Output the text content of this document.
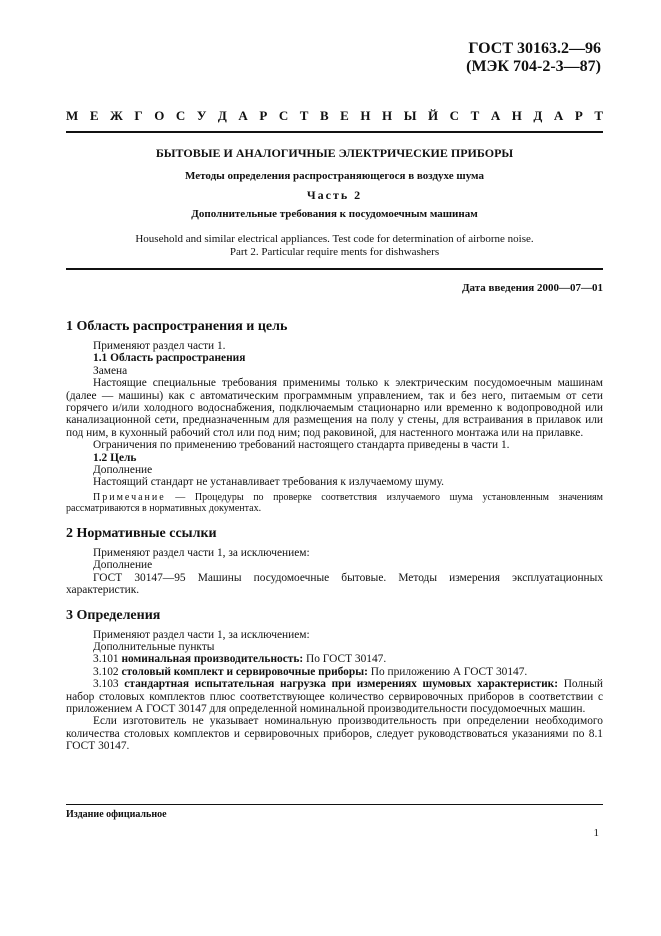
ГОСТ 30163.2—96
(МЭК 704-2-3—87)
М Е Ж Г О С У Д А Р С Т В Е Н Н Ы Й С Т А Н Д А Р Т
БЫТОВЫЕ И АНАЛОГИЧНЫЕ ЭЛЕКТРИЧЕСКИЕ ПРИБОРЫ
Методы определения распространяющегося в воздухе шума
Часть 2
Дополнительные требования к посудомоечным машинам
Household and similar electrical appliances. Test code for determination of airborne noise.
Part 2. Particular require ments for dishwashers
Дата введения 2000—07—01
1 Область распространения и цель

Применяют раздел части 1.

1.1 Область распространения

Замена

Настоящие специальные требования применимы только к электрическим посудомоечным машинам (далее — машины) как с автоматическим программным управлением, так и без него, питаемым от сети горячего и/или холодного водоснабжения, подключаемым стационарно или временно к водопроводной или канализационной сети, предназначенным для размещения на полу у стены, для встраивания в прилавок или под ним, в кухонный рабочий стол или под ним; под раковиной, для настенного монтажа или на прилавке.

Ограничения по применению требований настоящего стандарта приведены в части 1.

1.2 Цель

Дополнение

Настоящий стандарт не устанавливает требования к излучаемому шуму.

Примечание — Процедуры по проверке соответствия излучаемого шума установленным значениям рассматриваются в нормативных документах.

2 Нормативные ссылки

Применяют раздел части 1, за исключением:

Дополнение

ГОСТ 30147—95 Машины посудомоечные бытовые. Методы измерения эксплуатационных характеристик.

3 Определения

Применяют раздел части 1, за исключением:

Дополнительные пункты

3.101 номинальная производительность: По ГОСТ 30147.

3.102 столовый комплект и сервировочные приборы: По приложению А ГОСТ 30147.

3.103 стандартная испытательная нагрузка при измерениях шумовых характеристик: Полный набор столовых комплектов плюс соответствующее количество сервировочных приборов в соответствии с приложением А ГОСТ 30147 для определенной номинальной производительности посудомоечных машин.

Если изготовитель не указывает номинальную производительность при определении необходимого количества столовых комплектов и сервировочных приборов, следует руководствоваться указаниями по 8.1 ГОСТ 30147.

Издание официальное
1
